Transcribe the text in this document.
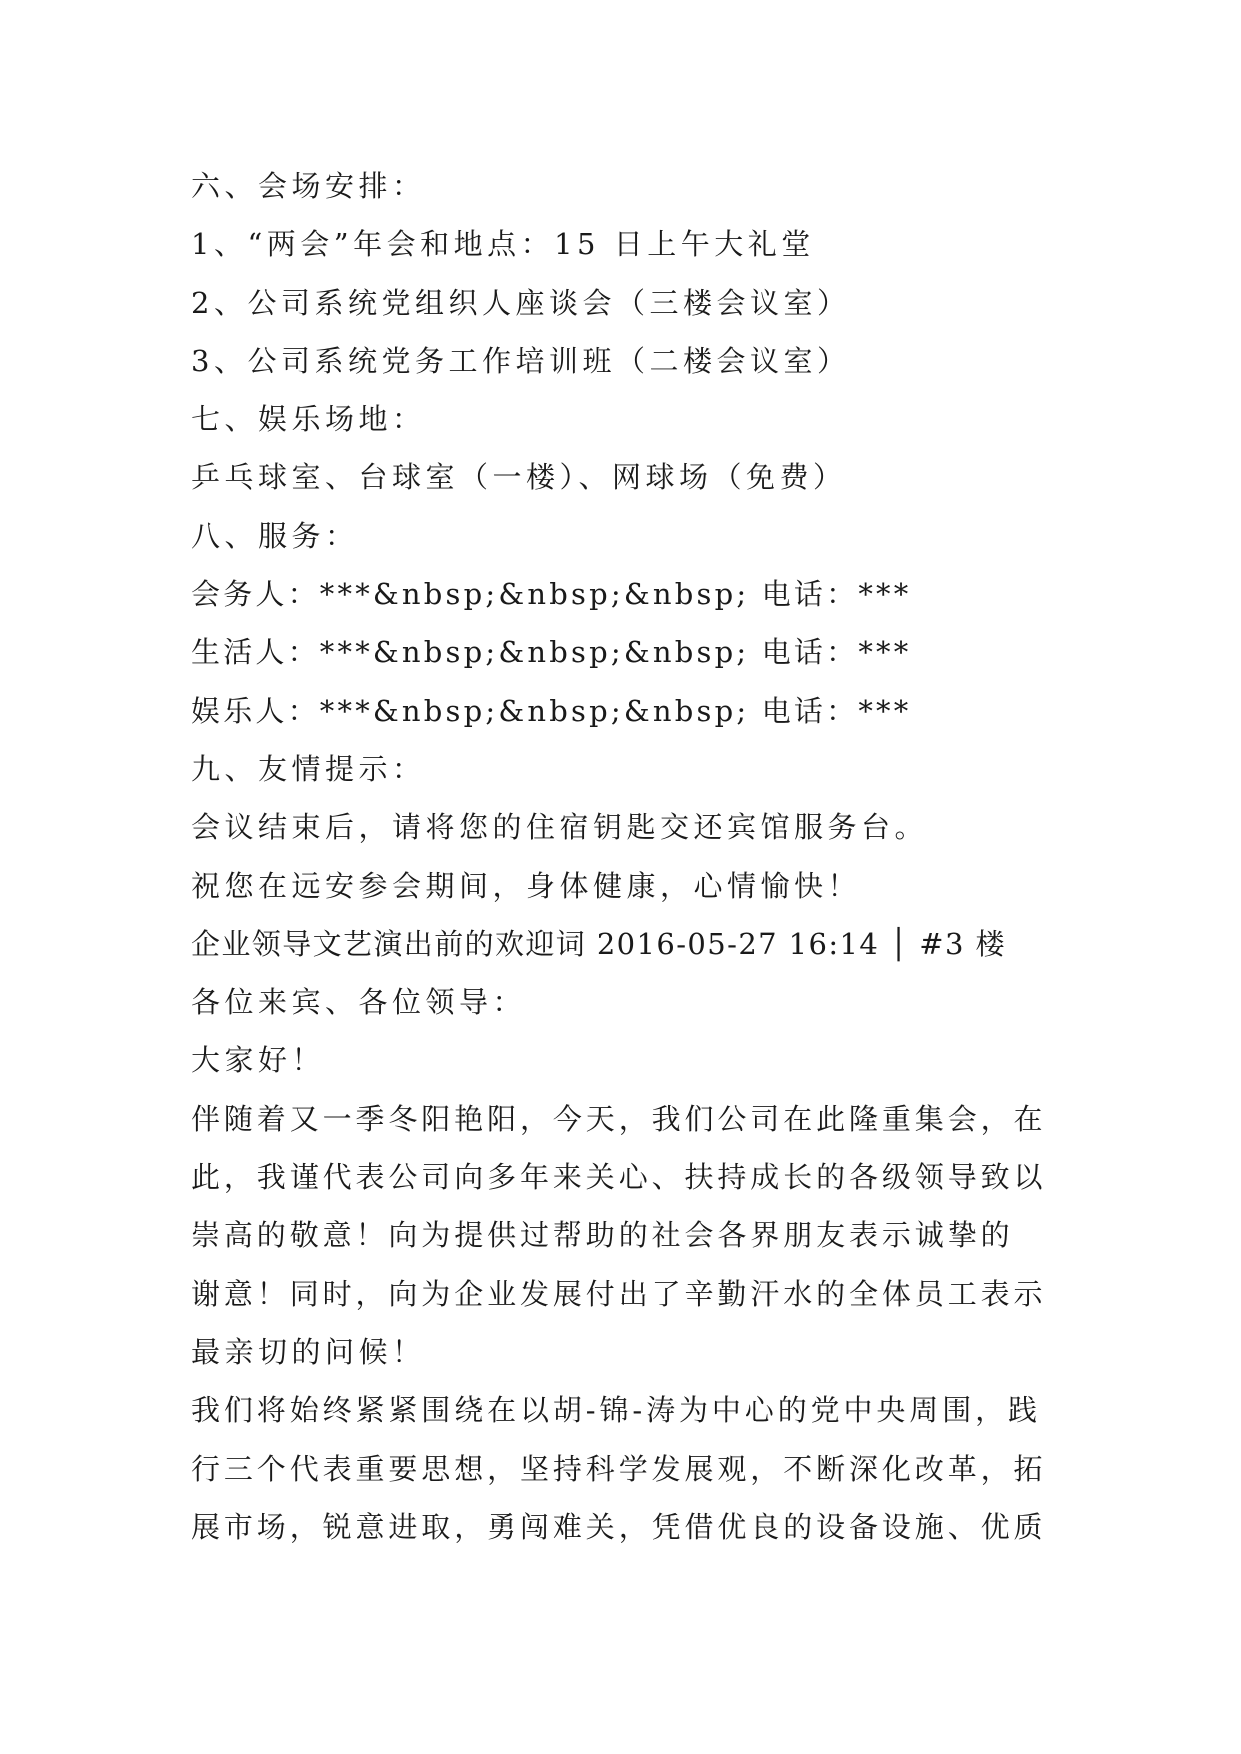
六、会场安排：
1、“两会”年会和地点：15 日上午大礼堂
2、公司系统党组织人座谈会（三楼会议室）
3、公司系统党务工作培训班（二楼会议室）
七、娱乐场地：
乒乓球室、台球室（一楼）、网球场（免费）
八、服务：
会务人：***&nbsp;&nbsp;&nbsp; 电话：***
生活人：***&nbsp;&nbsp;&nbsp; 电话：***
娱乐人：***&nbsp;&nbsp;&nbsp; 电话：***
九、友情提示：
会议结束后，请将您的住宿钥匙交还宾馆服务台。
祝您在远安参会期间，身体健康，心情愉快！
企业领导文艺演出前的欢迎词 2016-05-27 16:14 │ #3 楼
各位来宾、各位领导：
大家好！
伴随着又一季冬阳艳阳，今天，我们公司在此隆重集会，在
此，我谨代表公司向多年来关心、扶持成长的各级领导致以
崇高的敬意！向为提供过帮助的社会各界朋友表示诚挚的
谢意！同时，向为企业发展付出了辛勤汗水的全体员工表示
最亲切的问候！
我们将始终紧紧围绕在以胡-锦-涛为中心的党中央周围，践
行三个代表重要思想，坚持科学发展观，不断深化改革，拓
展市场，锐意进取，勇闯难关，凭借优良的设备设施、优质
